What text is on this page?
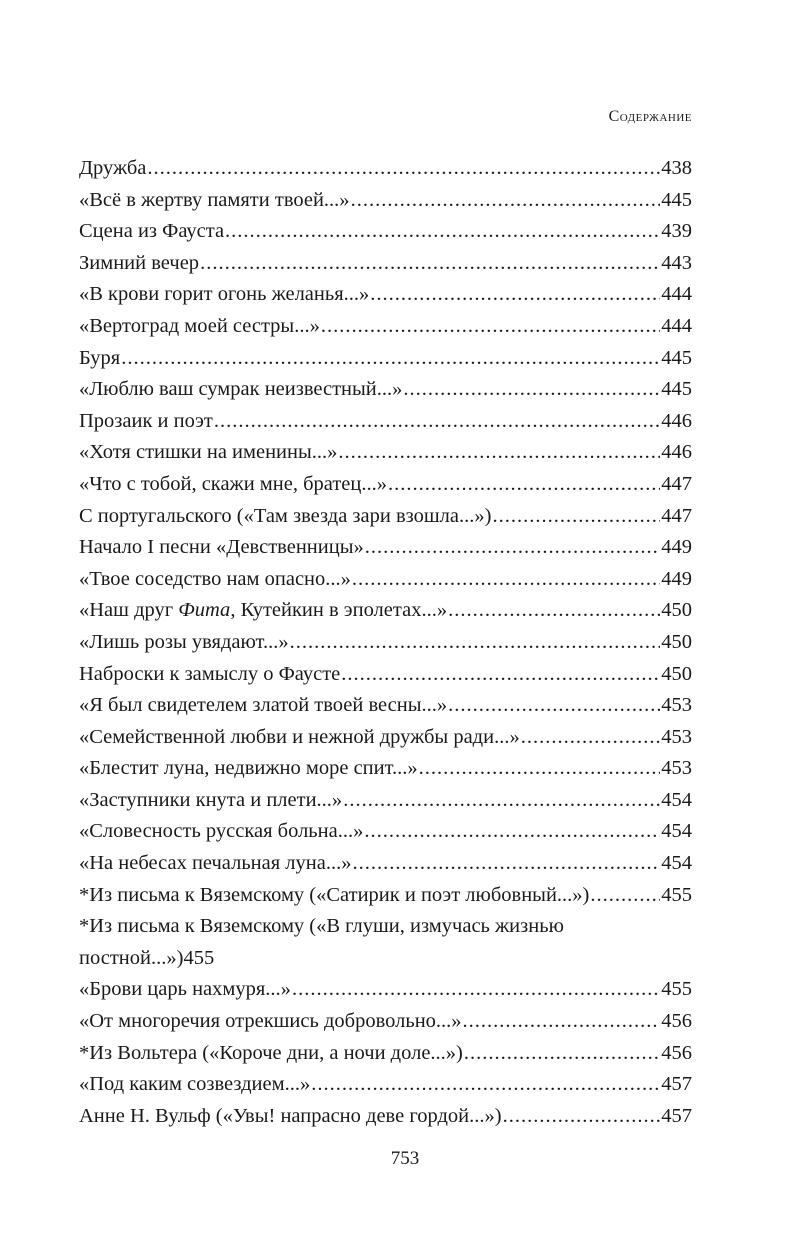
Содержание
Дружба .....	438
«Всё в жертву памяти твоей...» .....	445
Сцена из Фауста .....	439
Зимний вечер .....	443
«В крови горит огонь желанья...» .....	444
«Вертоград моей сестры...» .....	444
Буря .....	445
«Люблю ваш сумрак неизвестный...» .....	445
Прозаик и поэт .....	446
«Хотя стишки на именины...» .....	446
«Что с тобой, скажи мне, братец...» .....	447
С португальского («Там звезда зари взошла...») .....	447
Начало I песни «Девственницы» .....	449
«Твое соседство нам опасно...» .....	449
«Наш друг Фита, Кутейкин в эполетах...» .....	450
«Лишь розы увядают...» .....	450
Наброски к замыслу о Фаусте .....	450
«Я был свидетелем златой твоей весны...» .....	453
«Семейственной любви и нежной дружбы ради...» .....	453
«Блестит луна, недвижно море спит...» .....	453
«Заступники кнута и плети...» .....	454
«Словесность русская больна...» .....	454
«На небесах печальная луна...» .....	454
*Из письма к Вяземскому («Сатирик и поэт любовный...») .....	455
*Из письма к Вяземскому («В глуши, измучась жизнью
постной...») 455
«Брови царь нахмуря...» .....	455
«От многоречия отрекшись добровольно...» .....	456
*Из Вольтера («Короче дни, а ночи доле...») .....	456
«Под каким созвездием...» .....	457
Анне Н. Вульф («Увы! напрасно деве гордой...») .....	457
753
